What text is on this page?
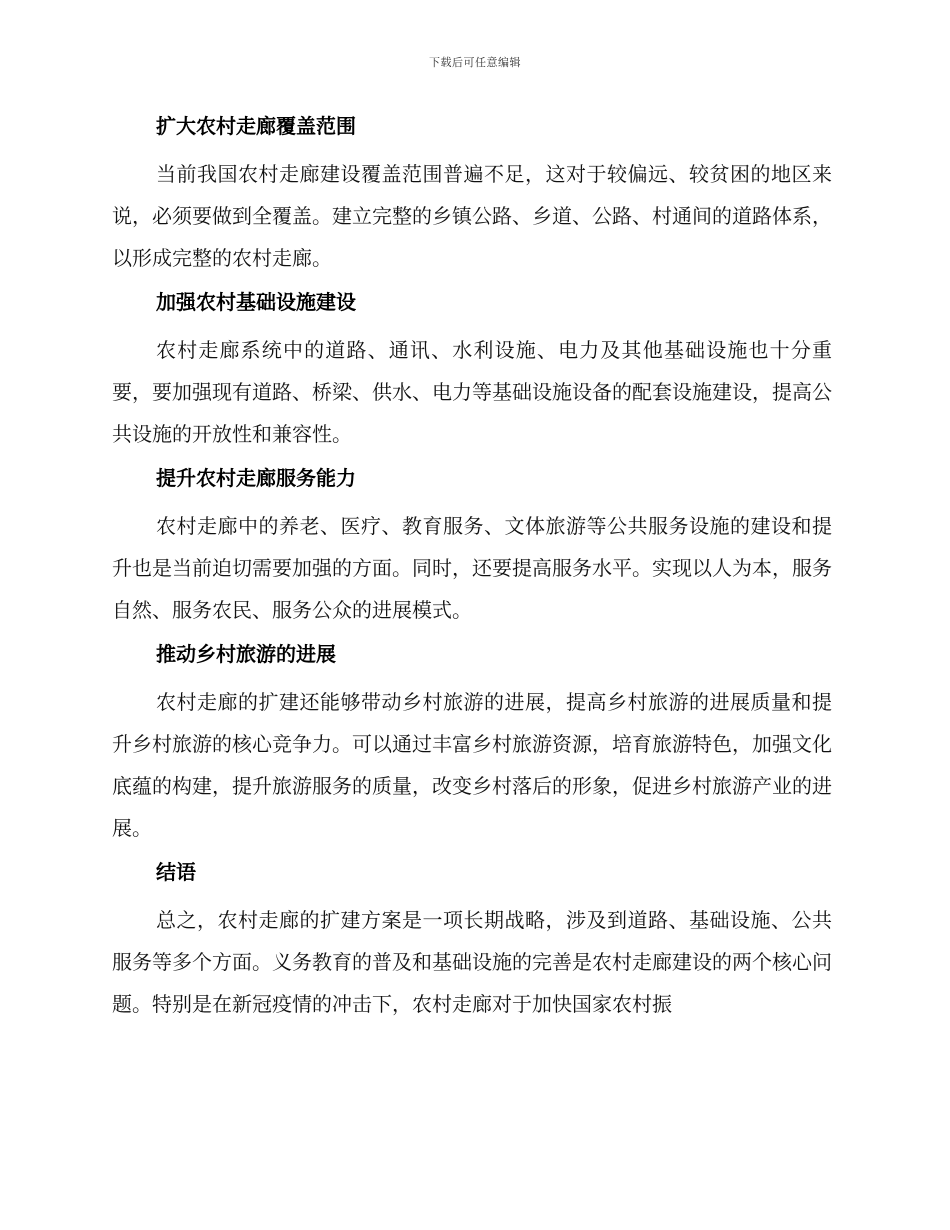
下载后可任意编辑
扩大农村走廊覆盖范围

当前我国农村走廊建设覆盖范围普遍不足，这对于较偏远、较贫困的地区来说，必须要做到全覆盖。建立完整的乡镇公路、乡道、公路、村通间的道路体系，以形成完整的农村走廊。

加强农村基础设施建设

农村走廊系统中的道路、通讯、水利设施、电力及其他基础设施也十分重要，要加强现有道路、桥梁、供水、电力等基础设施设备的配套设施建设，提高公共设施的开放性和兼容性。

提升农村走廊服务能力

农村走廊中的养老、医疗、教育服务、文体旅游等公共服务设施的建设和提升也是当前迫切需要加强的方面。同时，还要提高服务水平。实现以人为本，服务自然、服务农民、服务公众的进展模式。

推动乡村旅游的进展

农村走廊的扩建还能够带动乡村旅游的进展，提高乡村旅游的进展质量和提升乡村旅游的核心竞争力。可以通过丰富乡村旅游资源，培育旅游特色，加强文化底蕴的构建，提升旅游服务的质量，改变乡村落后的形象，促进乡村旅游产业的进展。

结语

总之，农村走廊的扩建方案是一项长期战略，涉及到道路、基础设施、公共服务等多个方面。义务教育的普及和基础设施的完善是农村走廊建设的两个核心问题。特别是在新冠疫情的冲击下，农村走廊对于加快国家农村振
